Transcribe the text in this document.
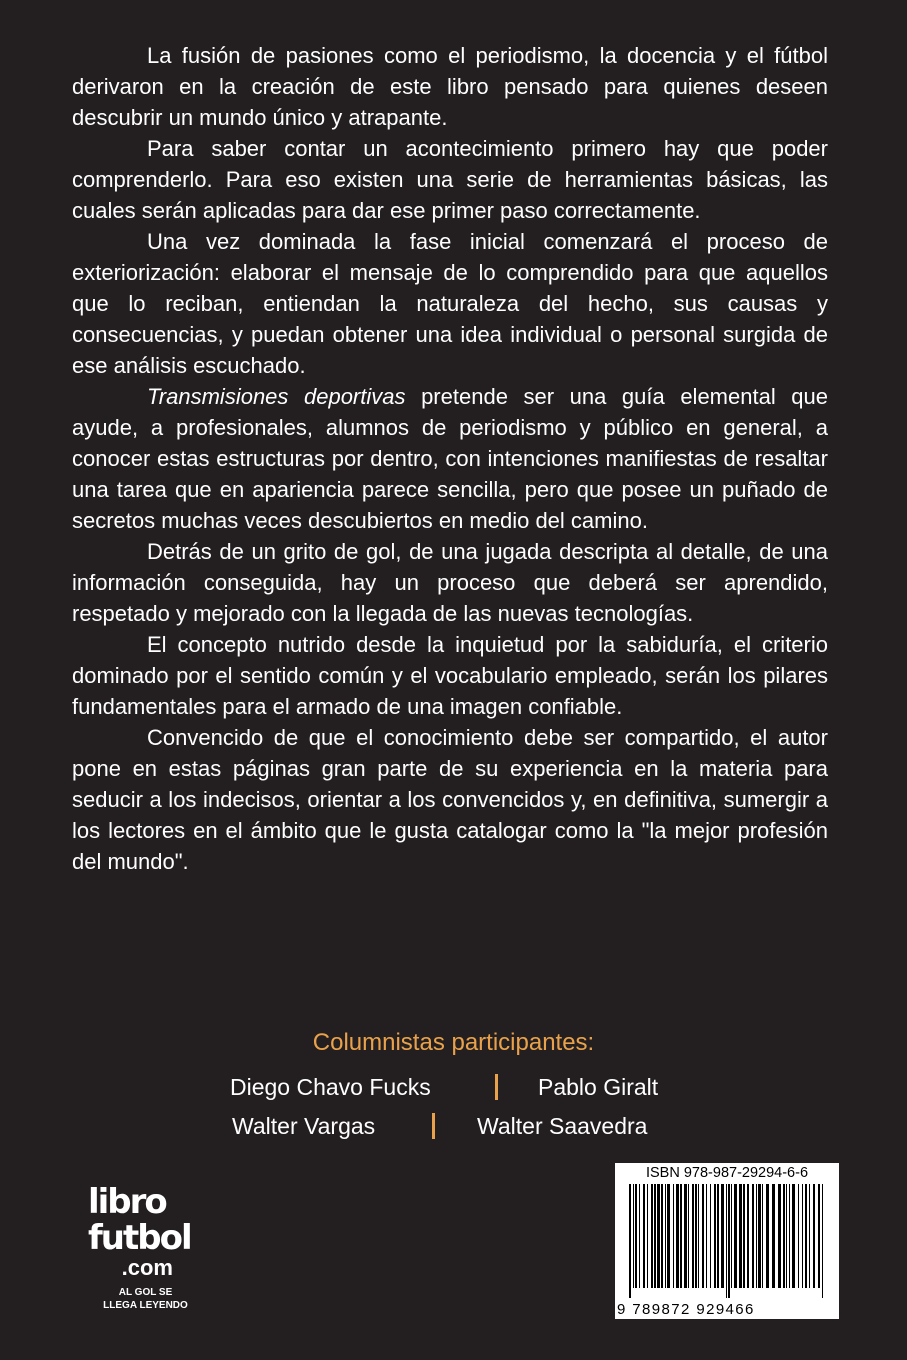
La fusión de pasiones como el periodismo, la docencia y el fútbol derivaron en la creación de este libro pensado para quienes deseen descubrir un mundo único y atrapante.

Para saber contar un acontecimiento primero hay que poder comprenderlo. Para eso existen una serie de herramientas básicas, las cuales serán aplicadas para dar ese primer paso correctamente.

Una vez dominada la fase inicial comenzará el proceso de exteriorización: elaborar el mensaje de lo comprendido para que aquellos que lo reciban, entiendan la naturaleza del hecho, sus causas y consecuencias, y puedan obtener una idea individual o personal surgida de ese análisis escuchado.

Transmisiones deportivas pretende ser una guía elemental que ayude, a profesionales, alumnos de periodismo y público en general, a conocer estas estructuras por dentro, con intenciones manifiestas de resaltar una tarea que en apariencia parece sencilla, pero que posee un puñado de secretos muchas veces descubiertos en medio del camino.

Detrás de un grito de gol, de una jugada descripta al detalle, de una información conseguida, hay un proceso que deberá ser aprendido, respetado y mejorado con la llegada de las nuevas tecnologías.

El concepto nutrido desde la inquietud por la sabiduría, el criterio dominado por el sentido común y el vocabulario empleado, serán los pilares fundamentales para el armado de una imagen confiable.

Convencido de que el conocimiento debe ser compartido, el autor pone en estas páginas gran parte de su experiencia en la materia para seducir a los indecisos, orientar a los convencidos y, en definitiva, sumergir a los lectores en el ámbito que le gusta catalogar como la "la mejor profesión del mundo".

Columnistas participantes:
Diego Chavo Fucks	Pablo Giralt
Walter Vargas	Walter Saavedra
libro
futbol
.com
AL GOL SE
LLEGA LEYENDO
ISBN 978-987-29294-6-6
9 789872 929466
